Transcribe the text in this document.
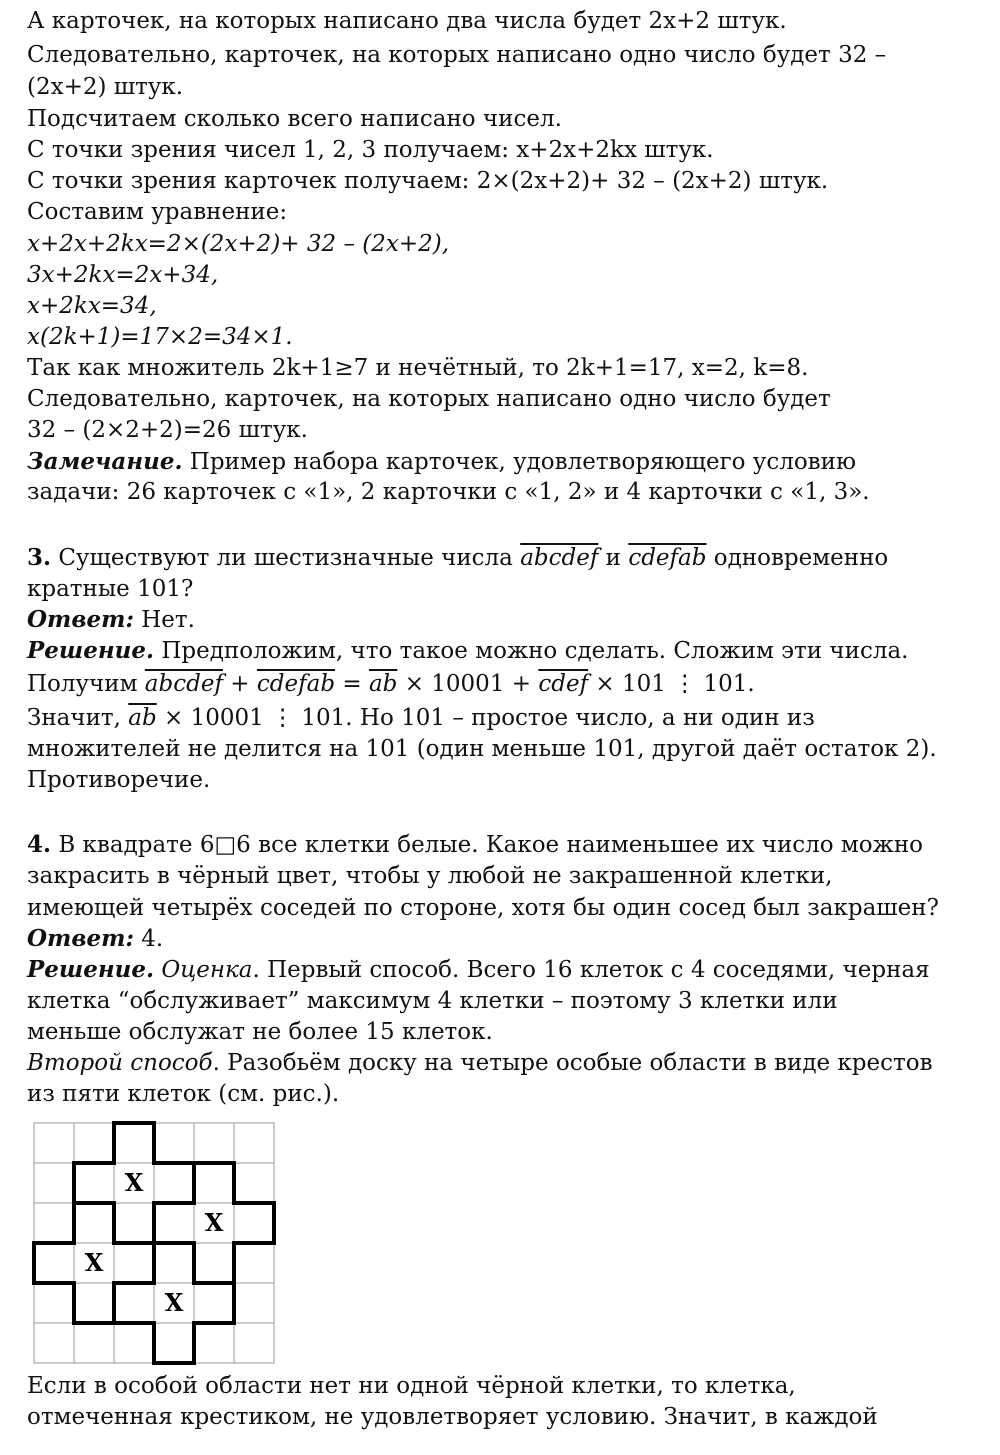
А карточек, на которых написано два числа будет 2x+2 штук.
Следовательно, карточек, на которых написано одно число будет 32 –
(2x+2) штук.
Подсчитаем сколько всего написано чисел.
С точки зрения чисел 1, 2, 3 получаем: x+2x+2kx штук.
С точки зрения карточек получаем: 2×(2x+2)+ 32 – (2x+2) штук.
Составим уравнение:
x+2x+2kx=2×(2x+2)+ 32 – (2x+2),
3x+2kx=2x+34,
x+2kx=34,
x(2k+1)=17×2=34×1.
Так как множитель 2k+1≥7 и нечётный, то 2k+1=17, x=2, k=8.
Следовательно, карточек, на которых написано одно число будет
32 – (2×2+2)=26 штук.
Замечание. Пример набора карточек, удовлетворяющего условию
задачи: 26 карточек с «1», 2 карточки с «1, 2» и 4 карточки с «1, 3».
3. Существуют ли шестизначные числа abcdef и cdefab одновременно
кратные 101?
Ответ: Нет.
Решение. Предположим, что такое можно сделать. Сложим эти числа.
Получим abcdef + cdefab = $\overline{ab} \times 10001$ + cdef × 101 ⋮ 101.
Значит, $\overline{ab} \times 10001$ ⋮ 101. Но 101 – простое число, а ни один из
множителей не делится на 101 (один меньше 101, другой даёт остаток 2).
Противоречие.
4. В квадрате 6□6 все клетки белые. Какое наименьшее их число можно
закрасить в чёрный цвет, чтобы у любой не закрашенной клетки,
имеющей четырёх соседей по стороне, хотя бы один сосед был закрашен?
Ответ: 4.
Решение. Оценка. Первый способ. Всего 16 клеток с 4 соседями, черная
клетка “обслуживает” максимум 4 клетки – поэтому 3 клетки или
меньше обслужат не более 15 клеток.
Второй способ. Разобьём доску на четыре особые области в виде крестов
из пяти клеток (см. рис.).
X
X
X
X
Если в особой области нет ни одной чёрной клетки, то клетка,
отмеченная крестиком, не удовлетворяет условию. Значит, в каждой
